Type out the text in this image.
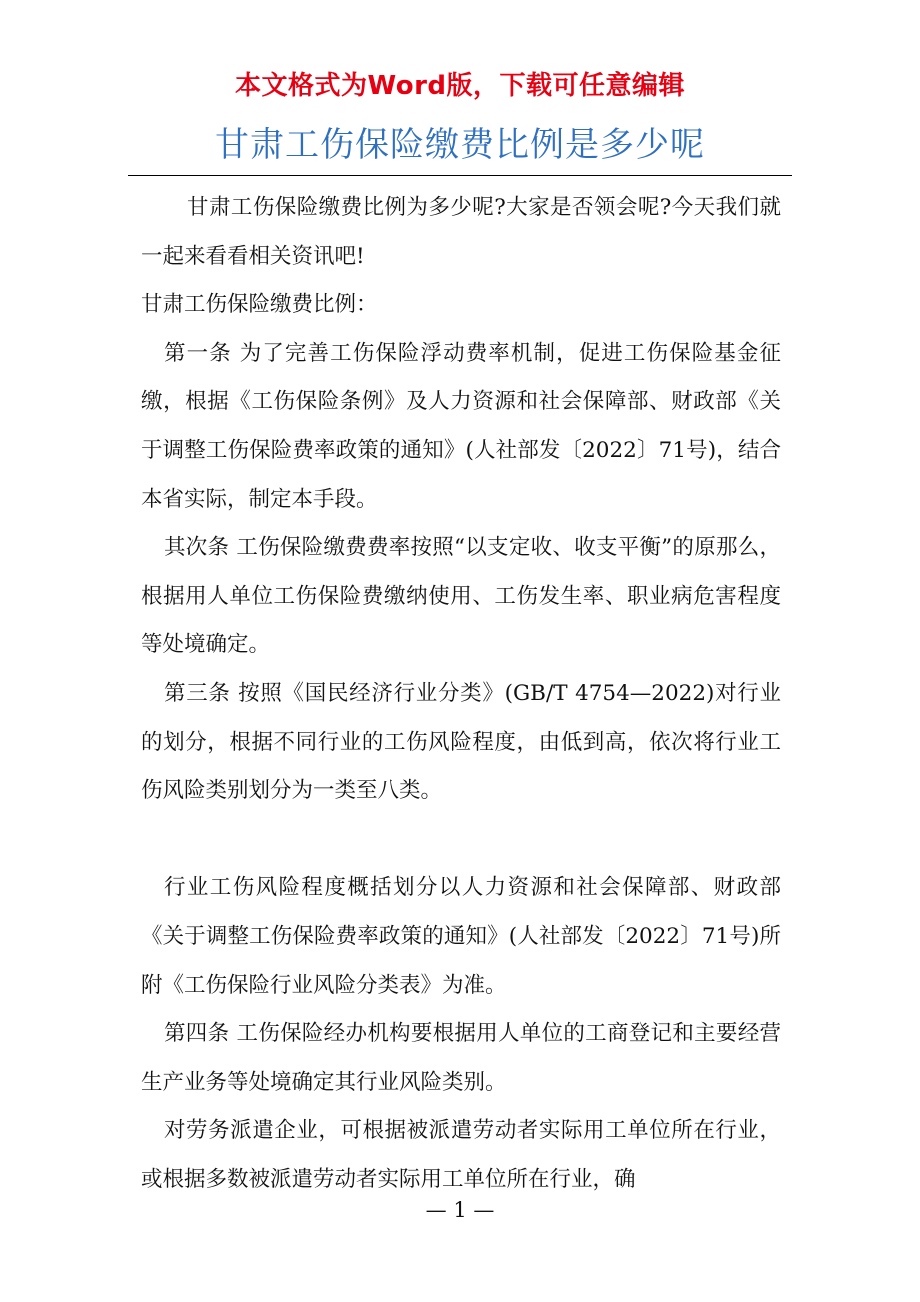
本文格式为Word版，下载可任意编辑
甘肃工伤保险缴费比例是多少呢

甘肃工伤保险缴费比例为多少呢?大家是否领会呢?今天我们就一起来看看相关资讯吧!

甘肃工伤保险缴费比例：

第一条 为了完善工伤保险浮动费率机制，促进工伤保险基金征缴，根据《工伤保险条例》及人力资源和社会保障部、财政部《关于调整工伤保险费率政策的通知》(人社部发〔2022〕71号)，结合本省实际，制定本手段。

其次条 工伤保险缴费费率按照“以支定收、收支平衡”的原那么，根据用人单位工伤保险费缴纳使用、工伤发生率、职业病危害程度等处境确定。

第三条 按照《国民经济行业分类》(GB/T 4754—2022)对行业的划分，根据不同行业的工伤风险程度，由低到高，依次将行业工伤风险类别划分为一类至八类。

行业工伤风险程度概括划分以人力资源和社会保障部、财政部《关于调整工伤保险费率政策的通知》(人社部发〔2022〕71号)所附《工伤保险行业风险分类表》为准。

第四条 工伤保险经办机构要根据用人单位的工商登记和主要经营生产业务等处境确定其行业风险类别。

对劳务派遣企业，可根据被派遣劳动者实际用工单位所在行业，或根据多数被派遣劳动者实际用工单位所在行业，确

— 1 —
